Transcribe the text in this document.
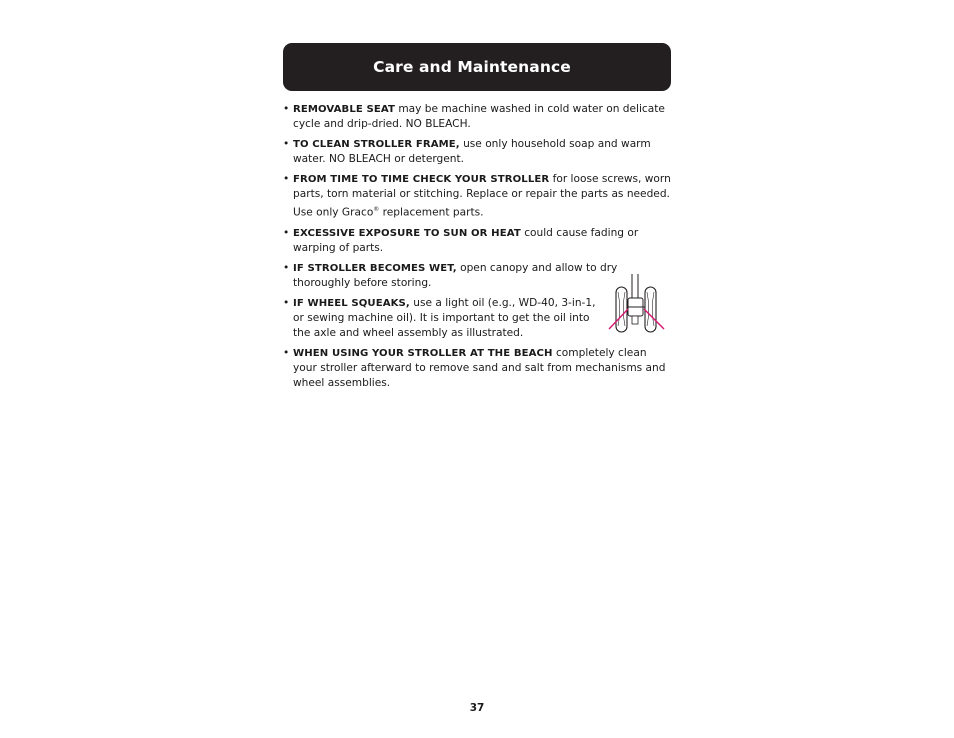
Care and Maintenance
• REMOVABLE SEAT may be machine washed in cold water on delicate cycle and drip-dried. NO BLEACH.
• TO CLEAN STROLLER FRAME, use only household soap and warm water. NO BLEACH or detergent.
• FROM TIME TO TIME CHECK YOUR STROLLER for loose screws, worn parts, torn material or stitching. Replace or repair the parts as needed. Use only Graco® replacement parts.
• EXCESSIVE EXPOSURE TO SUN OR HEAT could cause fading or warping of parts.
• IF STROLLER BECOMES WET, open canopy and allow to dry thoroughly before storing.
• IF WHEEL SQUEAKS, use a light oil (e.g., WD-40, 3-in-1, or sewing machine oil). It is important to get the oil into the axle and wheel assembly as illustrated.
• WHEN USING YOUR STROLLER AT THE BEACH completely clean your stroller afterward to remove sand and salt from mechanisms and wheel assemblies.
37
